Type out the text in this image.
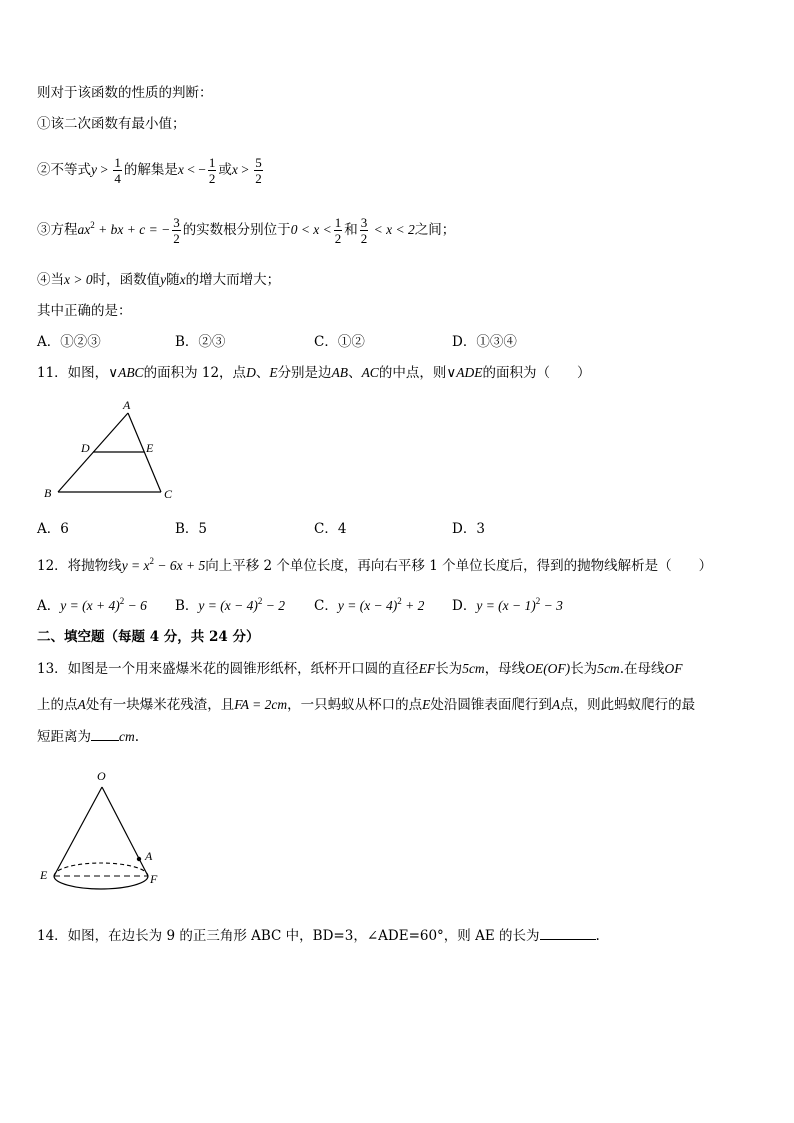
则对于该函数的性质的判断：
①该二次函数有最小值；
②不等式$y > \frac{1}{4}$ 的解集是x < − $\frac{1}{2}$ 或$x > \frac{5}{2}$
③方程$ax^2$ + bx + c = − $\frac{3}{2}$ 的实数根分别位于$0 < x < \frac{1}{2}$ 和 $\frac{3}{2} < x < 2$之间；
④当x > 0时，函数值y随x的增大而增大；
其中正确的是：
A．①②③	B．②③	C．①②	D．①③④
11．如图，∨ABC的面积为 12，点D、E分别是边AB、AC的中点，则∨ADE的面积为（　　）
A
D	E
B	C
A．6	B．5	C．4	D．3
12．将抛物线$y = x^2 - 6x + 5$向上平移 2 个单位长度，再向右平移 1 个单位长度后，得到的抛物线解析是（　　）
A．$y = (x + 4)^2 - 6$ B．$y = (x - 4)^2 - 2$ C．$y = (x - 4)^2 + 2$ D．$y = (x - 1)^2 - 3$
二、填空题（每题 4 分，共 24 分）
13．如图是一个用来盛爆米花的圆锥形纸杯，纸杯开口圆的直径EF长为5cm，母线OE(OF)长为5cm.在母线OF
上的点A处有一块爆米花残渣，且FA = 2cm，一只蚂蚁从杯口的点E处沿圆锥表面爬行到A点，则此蚂蚁爬行的最
短距离为 cm.
O
A
E	F
14．如图，在边长为 9 的正三角形 ABC 中，BD=3，∠ADE=60°，则 AE 的长为	.
